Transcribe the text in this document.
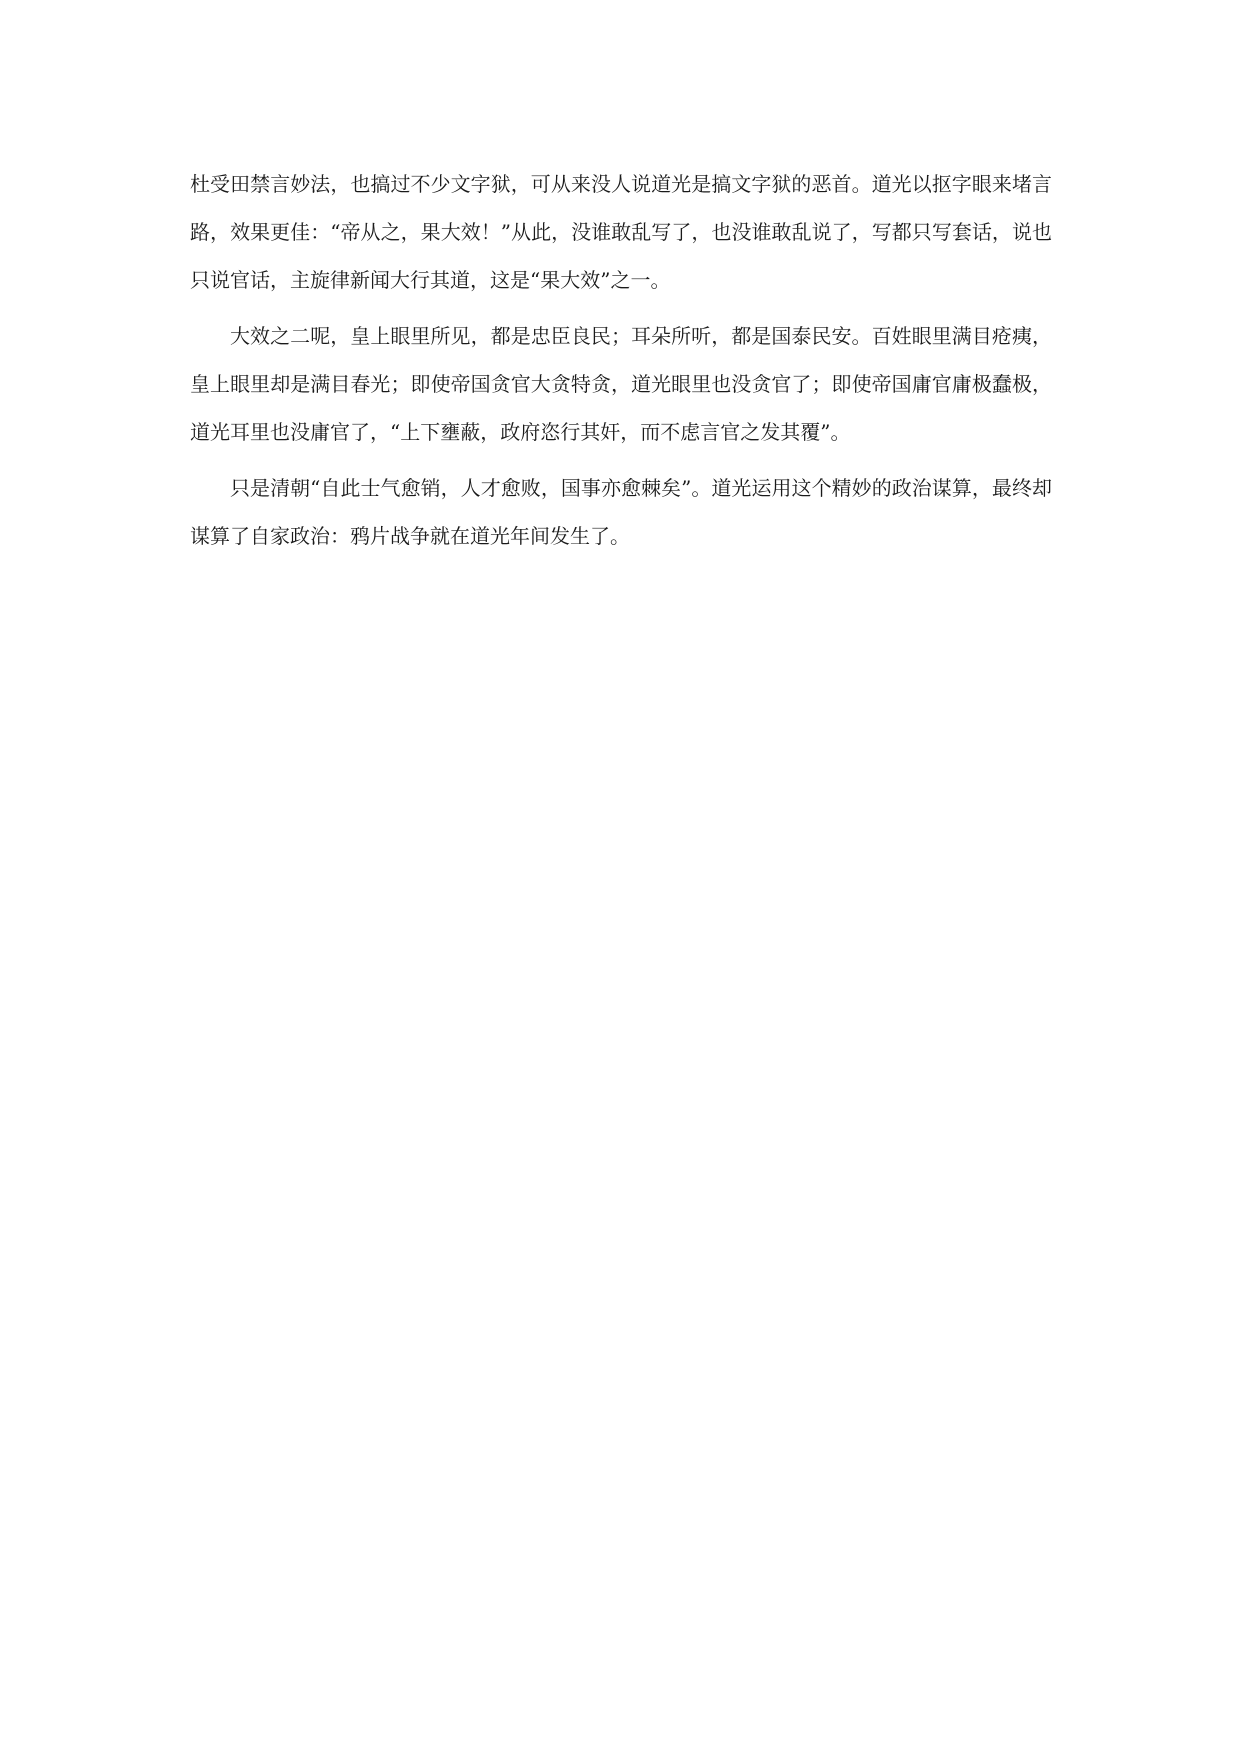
杜受田禁言妙法，也搞过不少文字狱，可从来没人说道光是搞文字狱的恶首。道光以抠字眼来堵言路，效果更佳：“帝从之，果大效！”从此，没谁敢乱写了，也没谁敢乱说了，写都只写套话，说也只说官话，主旋律新闻大行其道，这是“果大效”之一。

大效之二呢，皇上眼里所见，都是忠臣良民；耳朵所听，都是国泰民安。百姓眼里满目疮痍，皇上眼里却是满目春光；即使帝国贪官大贪特贪，道光眼里也没贪官了；即使帝国庸官庸极蠢极，道光耳里也没庸官了，“上下壅蔽，政府恣行其奸，而不虑言官之发其覆”。

只是清朝“自此士气愈销，人才愈败，国事亦愈棘矣”。道光运用这个精妙的政治谋算，最终却谋算了自家政治：鸦片战争就在道光年间发生了。
